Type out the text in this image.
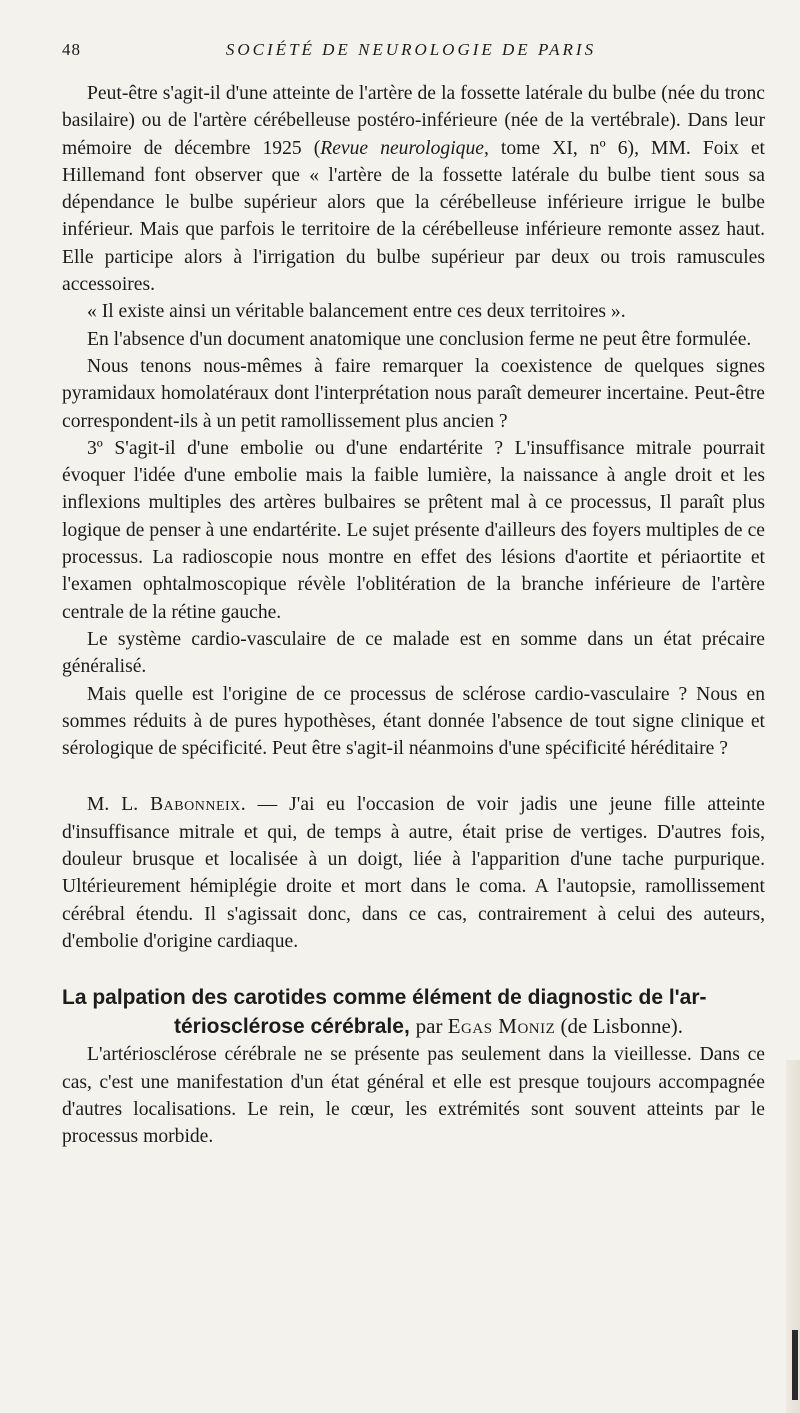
48	SOCIÉTÉ DE NEUROLOGIE DE PARIS

Peut-être s'agit-il d'une atteinte de l'artère de la fossette latérale du bulbe (née du tronc basilaire) ou de l'artère cérébelleuse postéro-inférieure (née de la vertébrale). Dans leur mémoire de décembre 1925 (Revue neurologique, tome XI, nº 6), MM. Foix et Hillemand font observer que « l'artère de la fossette latérale du bulbe tient sous sa dépendance le bulbe supérieur alors que la cérébelleuse inférieure irrigue le bulbe inférieur. Mais que parfois le territoire de la cérébelleuse inférieure remonte assez haut. Elle participe alors à l'irrigation du bulbe supérieur par deux ou trois ramuscules accessoires.

« Il existe ainsi un véritable balancement entre ces deux territoires ».

En l'absence d'un document anatomique une conclusion ferme ne peut être formulée.

Nous tenons nous-mêmes à faire remarquer la coexistence de quelques signes pyramidaux homolatéraux dont l'interprétation nous paraît demeurer incertaine. Peut-être correspondent-ils à un petit ramollissement plus ancien ?

3º S'agit-il d'une embolie ou d'une endartérite ? L'insuffisance mitrale pourrait évoquer l'idée d'une embolie mais la faible lumière, la naissance à angle droit et les inflexions multiples des artères bulbaires se prêtent mal à ce processus, Il paraît plus logique de penser à une endartérite. Le sujet présente d'ailleurs des foyers multiples de ce processus. La radioscopie nous montre en effet des lésions d'aortite et périaortite et l'examen ophtalmoscopique révèle l'oblitération de la branche inférieure de l'artère centrale de la rétine gauche.

Le système cardio-vasculaire de ce malade est en somme dans un état précaire généralisé.

Mais quelle est l'origine de ce processus de sclérose cardio-vasculaire ? Nous en sommes réduits à de pures hypothèses, étant donnée l'absence de tout signe clinique et sérologique de spécificité. Peut être s'agit-il néanmoins d'une spécificité héréditaire ?

M. L. Babonneix. — J'ai eu l'occasion de voir jadis une jeune fille atteinte d'insuffisance mitrale et qui, de temps à autre, était prise de vertiges. D'autres fois, douleur brusque et localisée à un doigt, liée à l'apparition d'une tache purpurique. Ultérieurement hémiplégie droite et mort dans le coma. A l'autopsie, ramollissement cérébral étendu. Il s'agissait donc, dans ce cas, contrairement à celui des auteurs, d'embolie d'origine cardiaque.

La palpation des carotides comme élément de diagnostic de l'ar-
tériosclérose cérébrale, par Egas Moniz (de Lisbonne).

L'artériosclérose cérébrale ne se présente pas seulement dans la vieillesse. Dans ce cas, c'est une manifestation d'un état général et elle est presque toujours accompagnée d'autres localisations. Le rein, le cœur, les extrémités sont souvent atteints par le processus morbide.
